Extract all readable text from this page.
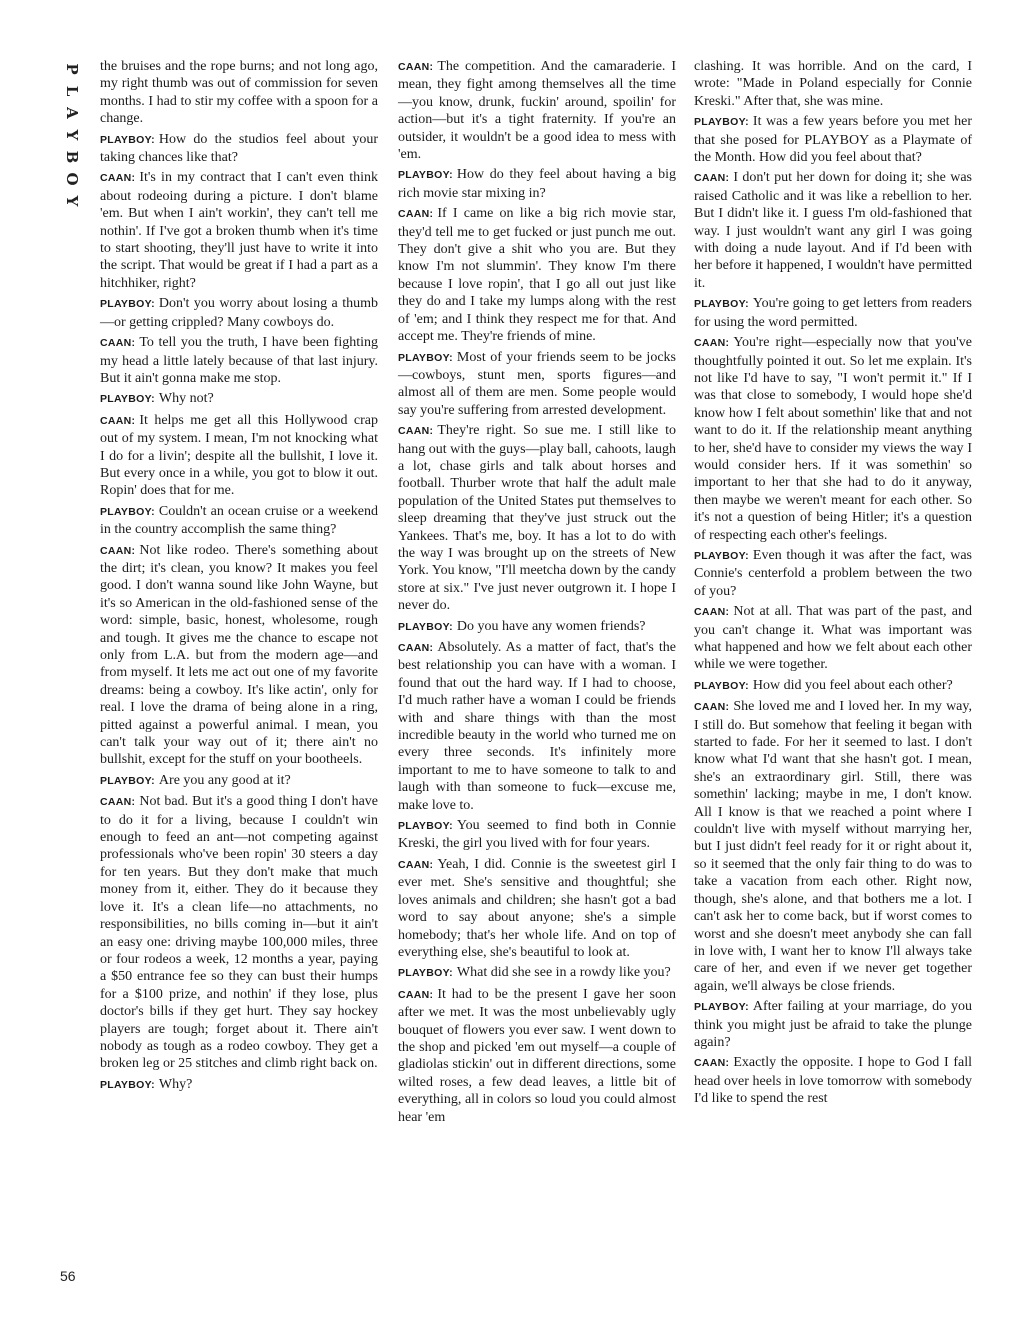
P
L
A
Y
B
O
Y

the bruises and the rope burns; and not long ago, my right thumb was out of commission for seven months. I had to stir my coffee with a spoon for a change.

PLAYBOY: How do the studios feel about your taking chances like that?

CAAN: It's in my contract that I can't even think about rodeoing during a picture. I don't blame 'em. But when I ain't workin', they can't tell me nothin'. If I've got a broken thumb when it's time to start shooting, they'll just have to write it into the script. That would be great if I had a part as a hitchhiker, right?

PLAYBOY: Don't you worry about losing a thumb—or getting crippled? Many cowboys do.

CAAN: To tell you the truth, I have been fighting my head a little lately because of that last injury. But it ain't gonna make me stop.

PLAYBOY: Why not?

CAAN: It helps me get all this Hollywood crap out of my system. I mean, I'm not knocking what I do for a livin'; despite all the bullshit, I love it. But every once in a while, you got to blow it out. Ropin' does that for me.

PLAYBOY: Couldn't an ocean cruise or a weekend in the country accomplish the same thing?

CAAN: Not like rodeo. There's something about the dirt; it's clean, you know? It makes you feel good. I don't wanna sound like John Wayne, but it's so American in the old-fashioned sense of the word: simple, basic, honest, wholesome, rough and tough. It gives me the chance to escape not only from L.A. but from the modern age—and from myself. It lets me act out one of my favorite dreams: being a cowboy. It's like actin', only for real. I love the drama of being alone in a ring, pitted against a powerful animal. I mean, you can't talk your way out of it; there ain't no bullshit, except for the stuff on your bootheels.

PLAYBOY: Are you any good at it?

CAAN: Not bad. But it's a good thing I don't have to do it for a living, because I couldn't win enough to feed an ant—not competing against professionals who've been ropin' 30 steers a day for ten years. But they don't make that much money from it, either. They do it because they love it. It's a clean life—no attachments, no responsibilities, no bills coming in—but it ain't an easy one: driving maybe 100,000 miles, three or four rodeos a week, 12 months a year, paying a $50 entrance fee so they can bust their humps for a $100 prize, and nothin' if they lose, plus doctor's bills if they get hurt. They say hockey players are tough; forget about it. There ain't nobody as tough as a rodeo cowboy. They get a broken leg or 25 stitches and climb right back on.

PLAYBOY: Why?

CAAN: The competition. And the camaraderie. I mean, they fight among themselves all the time—you know, drunk, fuckin' around, spoilin' for action—but it's a tight fraternity. If you're an outsider, it wouldn't be a good idea to mess with 'em.

PLAYBOY: How do they feel about having a big rich movie star mixing in?

CAAN: If I came on like a big rich movie star, they'd tell me to get fucked or just punch me out. They don't give a shit who you are. But they know I'm not slummin'. They know I'm there because I love ropin', that I go all out just like they do and I take my lumps along with the rest of 'em; and I think they respect me for that. And accept me. They're friends of mine.

PLAYBOY: Most of your friends seem to be jocks—cowboys, stunt men, sports figures—and almost all of them are men. Some people would say you're suffering from arrested development.

CAAN: They're right. So sue me. I still like to hang out with the guys—play ball, cahoots, laugh a lot, chase girls and talk about horses and football. Thurber wrote that half the adult male population of the United States put themselves to sleep dreaming that they've just struck out the Yankees. That's me, boy. It has a lot to do with the way I was brought up on the streets of New York. You know, "I'll meetcha down by the candy store at six." I've just never outgrown it. I hope I never do.

PLAYBOY: Do you have any women friends?

CAAN: Absolutely. As a matter of fact, that's the best relationship you can have with a woman. I found that out the hard way. If I had to choose, I'd much rather have a woman I could be friends with and share things with than the most incredible beauty in the world who turned me on every three seconds. It's infinitely more important to me to have someone to talk to and laugh with than someone to fuck—excuse me, make love to.

PLAYBOY: You seemed to find both in Connie Kreski, the girl you lived with for four years.

CAAN: Yeah, I did. Connie is the sweetest girl I ever met. She's sensitive and thoughtful; she loves animals and children; she hasn't got a bad word to say about anyone; she's a simple homebody; that's her whole life. And on top of everything else, she's beautiful to look at.

PLAYBOY: What did she see in a rowdy like you?

CAAN: It had to be the present I gave her soon after we met. It was the most unbelievably ugly bouquet of flowers you ever saw. I went down to the shop and picked 'em out myself—a couple of gladiolas stickin' out in different directions, some wilted roses, a few dead leaves, a little bit of everything, all in colors so loud you could almost hear 'em

clashing. It was horrible. And on the card, I wrote: "Made in Poland especially for Connie Kreski." After that, she was mine.

PLAYBOY: It was a few years before you met her that she posed for PLAYBOY as a Playmate of the Month. How did you feel about that?

CAAN: I don't put her down for doing it; she was raised Catholic and it was like a rebellion to her. But I didn't like it. I guess I'm old-fashioned that way. I just wouldn't want any girl I was going with doing a nude layout. And if I'd been with her before it happened, I wouldn't have permitted it.

PLAYBOY: You're going to get letters from readers for using the word permitted.

CAAN: You're right—especially now that you've thoughtfully pointed it out. So let me explain. It's not like I'd have to say, "I won't permit it." If I was that close to somebody, I would hope she'd know how I felt about somethin' like that and not want to do it. If the relationship meant anything to her, she'd have to consider my views the way I would consider hers. If it was somethin' so important to her that she had to do it anyway, then maybe we weren't meant for each other. So it's not a question of being Hitler; it's a question of respecting each other's feelings.

PLAYBOY: Even though it was after the fact, was Connie's centerfold a problem between the two of you?

CAAN: Not at all. That was part of the past, and you can't change it. What was important was what happened and how we felt about each other while we were together.

PLAYBOY: How did you feel about each other?

CAAN: She loved me and I loved her. In my way, I still do. But somehow that feeling it began with started to fade. For her it seemed to last. I don't know what I'd want that she hasn't got. I mean, she's an extraordinary girl. Still, there was somethin' lacking; maybe in me, I don't know. All I know is that we reached a point where I couldn't live with myself without marrying her, but I just didn't feel ready for it or right about it, so it seemed that the only fair thing to do was to take a vacation from each other. Right now, though, she's alone, and that bothers me a lot. I can't ask her to come back, but if worst comes to worst and she doesn't meet anybody she can fall in love with, I want her to know I'll always take care of her, and even if we never get together again, we'll always be close friends.

PLAYBOY: After failing at your marriage, do you think you might just be afraid to take the plunge again?

CAAN: Exactly the opposite. I hope to God I fall head over heels in love tomorrow with somebody I'd like to spend the rest

56
